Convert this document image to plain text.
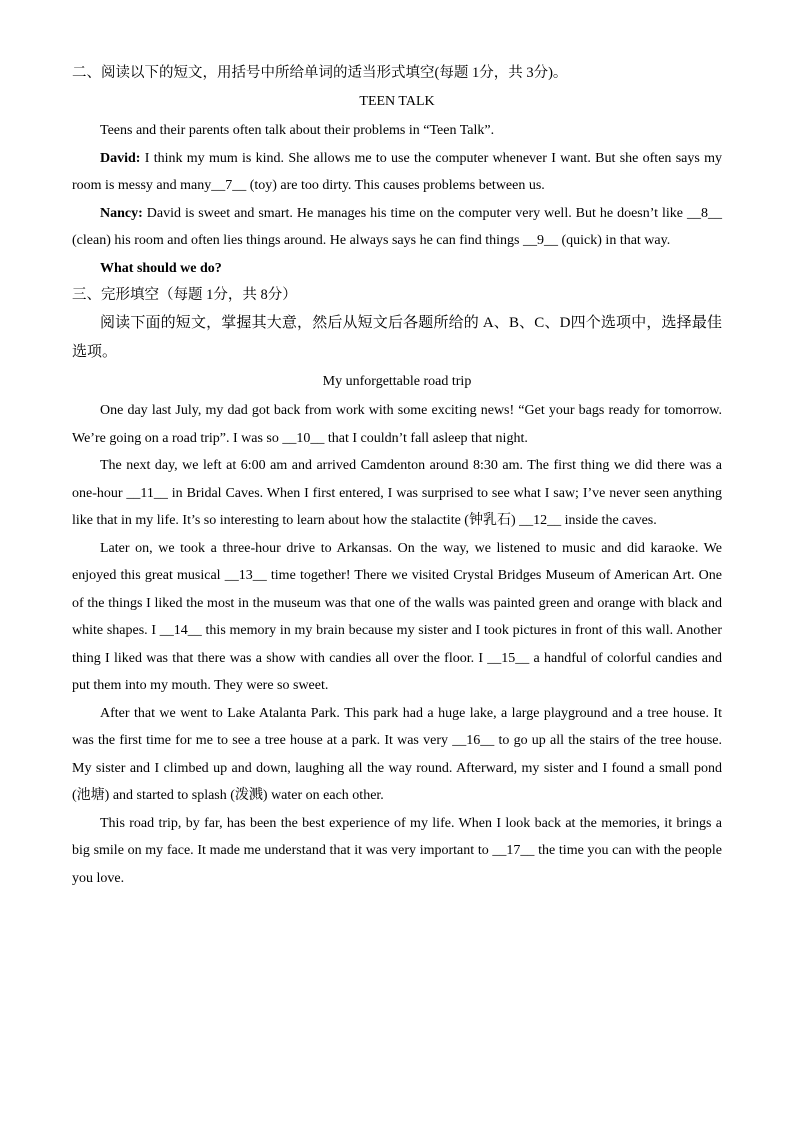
二、阅读以下的短文，用括号中所给单词的适当形式填空(每题 1分，共 3分)。

TEEN TALK

Teens and their parents often talk about their problems in “Teen Talk”.

David: I think my mum is kind. She allows me to use the computer whenever I want. But she often says my room is messy and many__7__ (toy) are too dirty. This causes problems between us.

Nancy: David is sweet and smart. He manages his time on the computer very well. But he doesn’t like __8__ (clean) his room and often lies things around. He always says he can find things __9__ (quick) in that way.

What should we do?

三、完形填空（每题 1分，共 8分）

阅读下面的短文，掌握其大意，然后从短文后各题所给的 A、B、C、D四个选项中，选择最佳选项。

My unforgettable road trip

One day last July, my dad got back from work with some exciting news! “Get your bags ready for tomorrow. We’re going on a road trip”. I was so __10__ that I couldn’t fall asleep that night.

The next day, we left at 6:00 am and arrived Camdenton around 8:30 am. The first thing we did there was a one-hour __11__ in Bridal Caves. When I first entered, I was surprised to see what I saw; I’ve never seen anything like that in my life. It’s so interesting to learn about how the stalactite (钟乳石) __12__ inside the caves.

Later on, we took a three-hour drive to Arkansas. On the way, we listened to music and did karaoke. We enjoyed this great musical __13__ time together! There we visited Crystal Bridges Museum of American Art. One of the things I liked the most in the museum was that one of the walls was painted green and orange with black and white shapes. I __14__ this memory in my brain because my sister and I took pictures in front of this wall. Another thing I liked was that there was a show with candies all over the floor. I __15__ a handful of colorful candies and put them into my mouth. They were so sweet.

After that we went to Lake Atalanta Park. This park had a huge lake, a large playground and a tree house. It was the first time for me to see a tree house at a park. It was very __16__ to go up all the stairs of the tree house. My sister and I climbed up and down, laughing all the way round. Afterward, my sister and I found a small pond (池塘) and started to splash (泼溅) water on each other.

This road trip, by far, has been the best experience of my life. When I look back at the memories, it brings a big smile on my face. It made me understand that it was very important to __17__ the time you can with the people you love.
